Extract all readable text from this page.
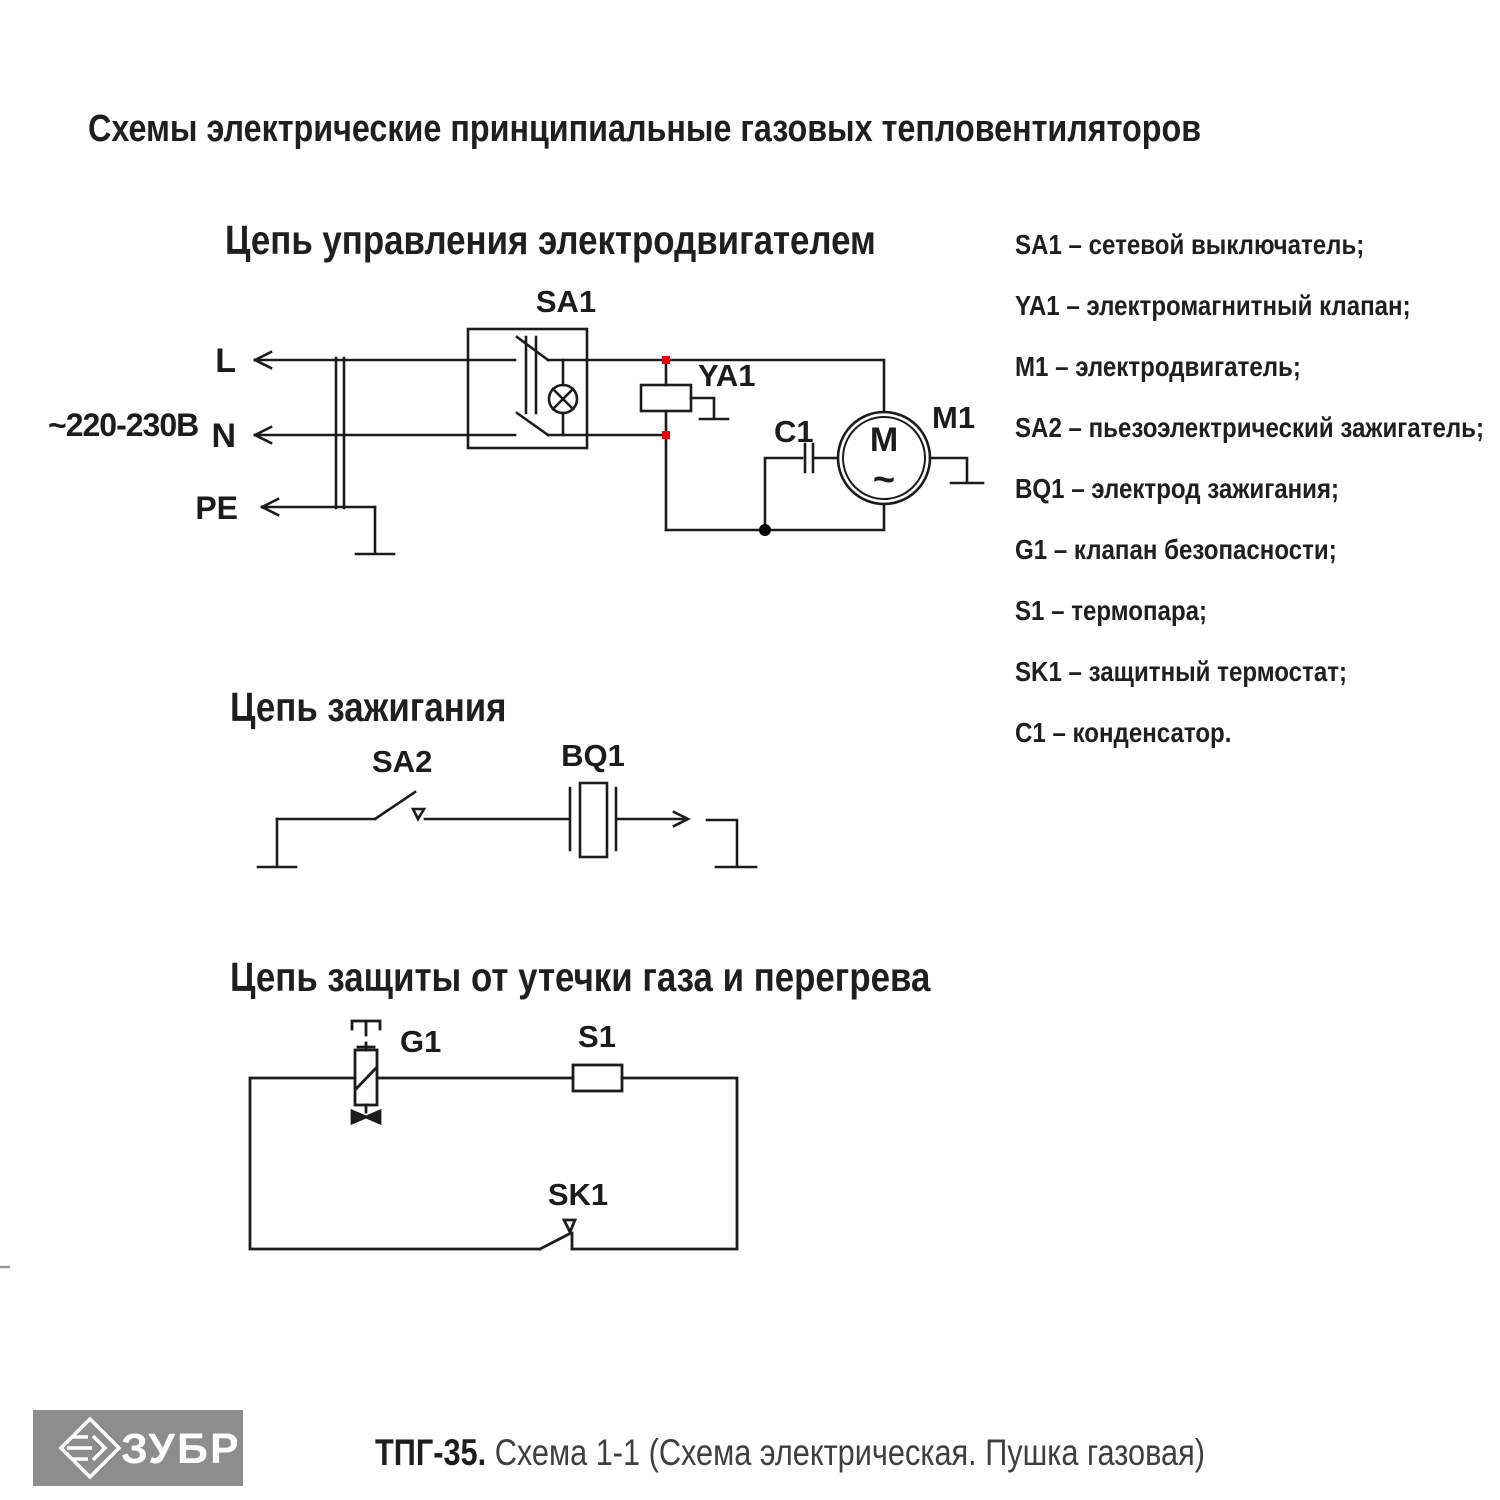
Схемы электрические принципиальные газовых тепловентиляторов
Цепь управления электродвигателем
Цепь зажигания
Цепь защиты от утечки газа и перегрева
SA1 – сетевой выключатель;
YA1 – электромагнитный клапан;
M1 – электродвигатель;
SA2 – пьезоэлектрический зажигатель;
BQ1 – электрод зажигания;
G1 – клапан безопасности;
S1 – термопара;
SK1 – защитный термостат;
C1 – конденсатор.
~220-230В
L
N
PE
SA1
YA1
C1	M1
M
~
SA2	BQ1
G1	S1
SK1
ЗУБР	ТПГ-35. Схема 1-1 (Схема электрическая. Пушка газовая)
